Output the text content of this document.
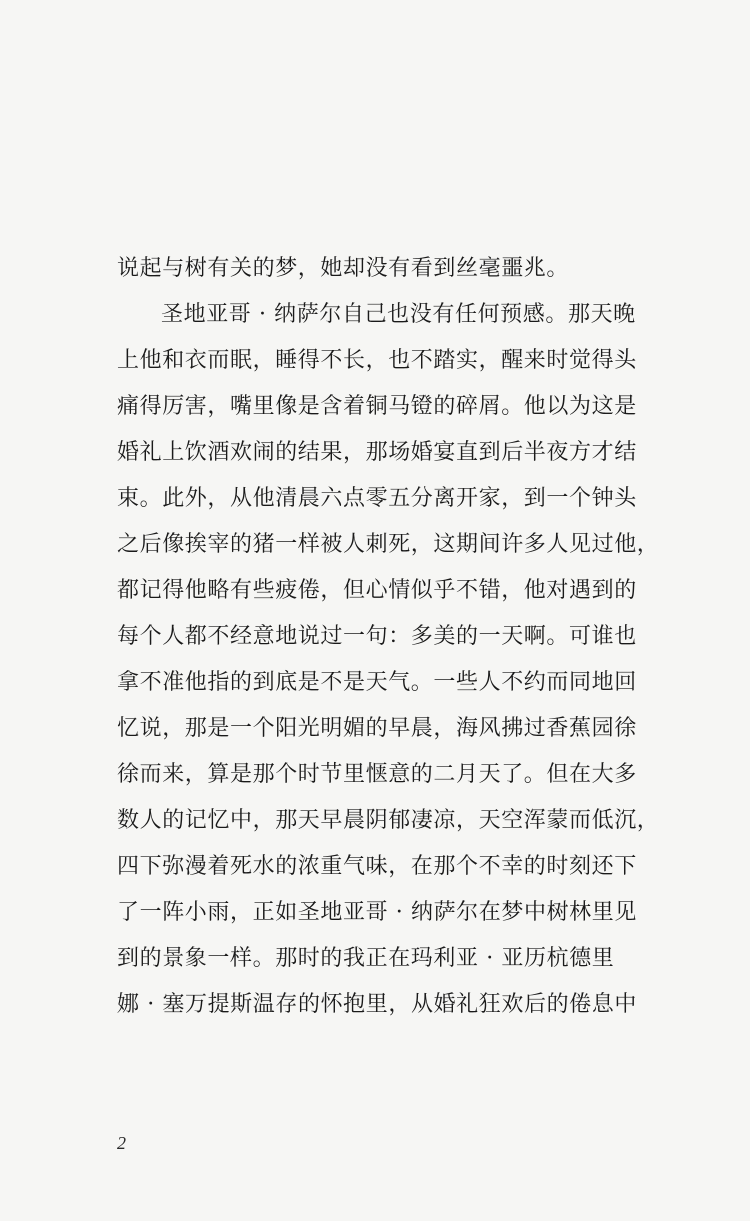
说起与树有关的梦，她却没有看到丝毫噩兆。
圣地亚哥 · 纳萨尔自己也没有任何预感。那天晚
上他和衣而眠，睡得不长，也不踏实，醒来时觉得头
痛得厉害，嘴里像是含着铜马镫的碎屑。他以为这是
婚礼上饮酒欢闹的结果，那场婚宴直到后半夜方才结
束。此外，从他清晨六点零五分离开家，到一个钟头
之后像挨宰的猪一样被人刺死，这期间许多人见过他，
都记得他略有些疲倦，但心情似乎不错，他对遇到的
每个人都不经意地说过一句：多美的一天啊。可谁也
拿不准他指的到底是不是天气。一些人不约而同地回
忆说，那是一个阳光明媚的早晨，海风拂过香蕉园徐
徐而来，算是那个时节里惬意的二月天了。但在大多
数人的记忆中，那天早晨阴郁凄凉，天空浑蒙而低沉，
四下弥漫着死水的浓重气味，在那个不幸的时刻还下
了一阵小雨，正如圣地亚哥 · 纳萨尔在梦中树林里见
到的景象一样。那时的我正在玛利亚 · 亚历杭德里
娜 · 塞万提斯温存的怀抱里，从婚礼狂欢后的倦息中
2
